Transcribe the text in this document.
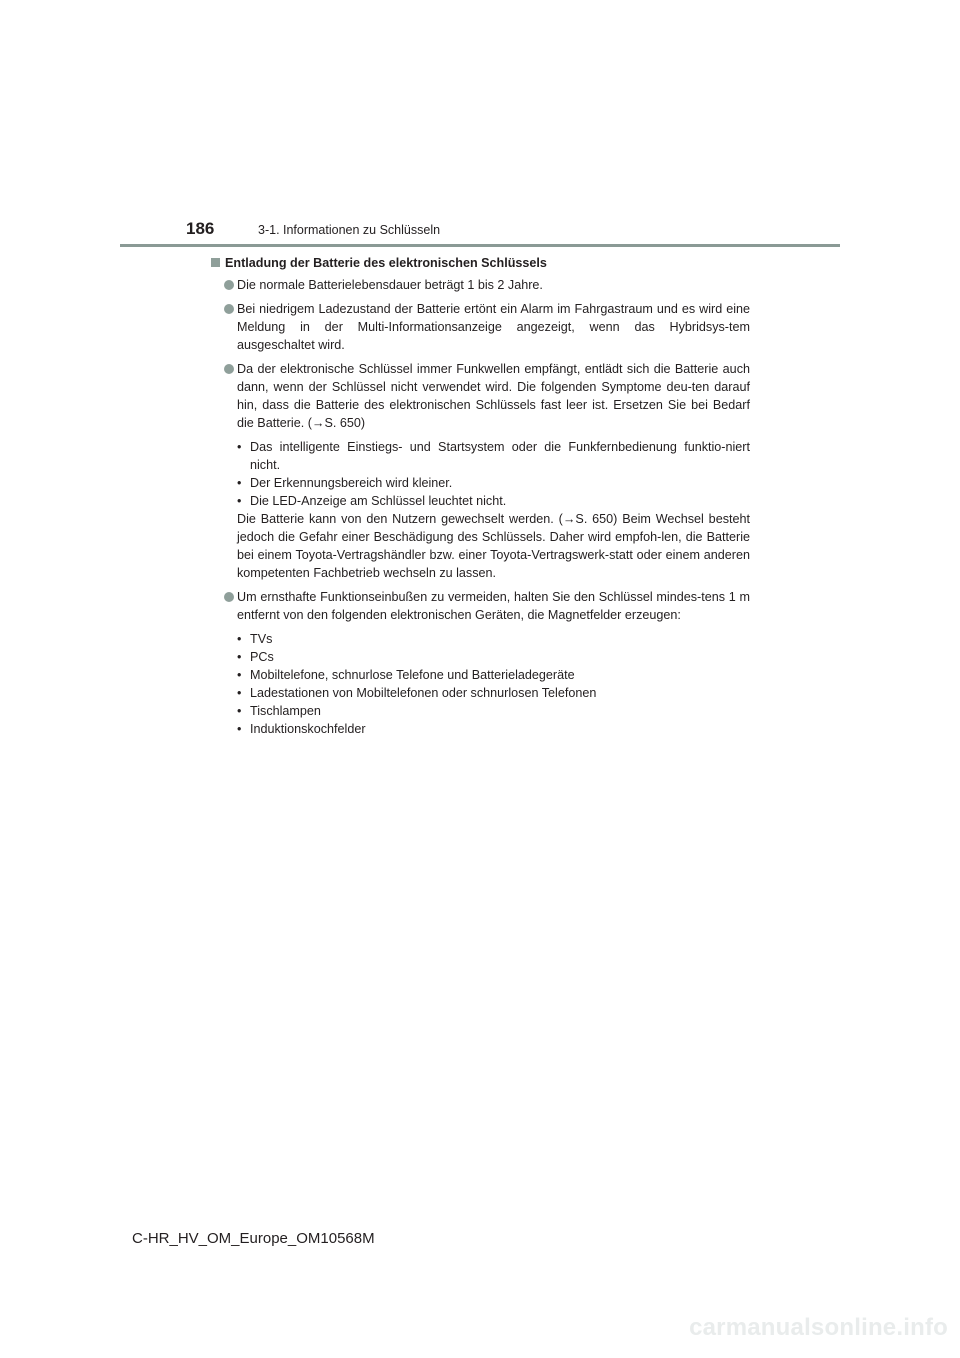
186	3-1. Informationen zu Schlüsseln
Entladung der Batterie des elektronischen Schlüssels
Die normale Batterielebensdauer beträgt 1 bis 2 Jahre.
Bei niedrigem Ladezustand der Batterie ertönt ein Alarm im Fahrgastraum und es wird eine Meldung in der Multi-Informationsanzeige angezeigt, wenn das Hybridsys-tem ausgeschaltet wird.
Da der elektronische Schlüssel immer Funkwellen empfängt, entlädt sich die Batterie auch dann, wenn der Schlüssel nicht verwendet wird. Die folgenden Symptome deu-ten darauf hin, dass die Batterie des elektronischen Schlüssels fast leer ist. Ersetzen Sie bei Bedarf die Batterie. (→S. 650)
• Das intelligente Einstiegs- und Startsystem oder die Funkfernbedienung funktio-niert nicht.
• Der Erkennungsbereich wird kleiner.
• Die LED-Anzeige am Schlüssel leuchtet nicht.
Die Batterie kann von den Nutzern gewechselt werden. (→S. 650) Beim Wechsel besteht jedoch die Gefahr einer Beschädigung des Schlüssels. Daher wird empfoh-len, die Batterie bei einem Toyota-Vertragshändler bzw. einer Toyota-Vertragswerk-statt oder einem anderen kompetenten Fachbetrieb wechseln zu lassen.
Um ernsthafte Funktionseinbußen zu vermeiden, halten Sie den Schlüssel mindes-tens 1 m entfernt von den folgenden elektronischen Geräten, die Magnetfelder erzeugen:
• TVs
• PCs
• Mobiltelefone, schnurlose Telefone und Batterieladegeräte
• Ladestationen von Mobiltelefonen oder schnurlosen Telefonen
• Tischlampen
• Induktionskochfelder
C-HR_HV_OM_Europe_OM10568M
carmanualsonline.info
